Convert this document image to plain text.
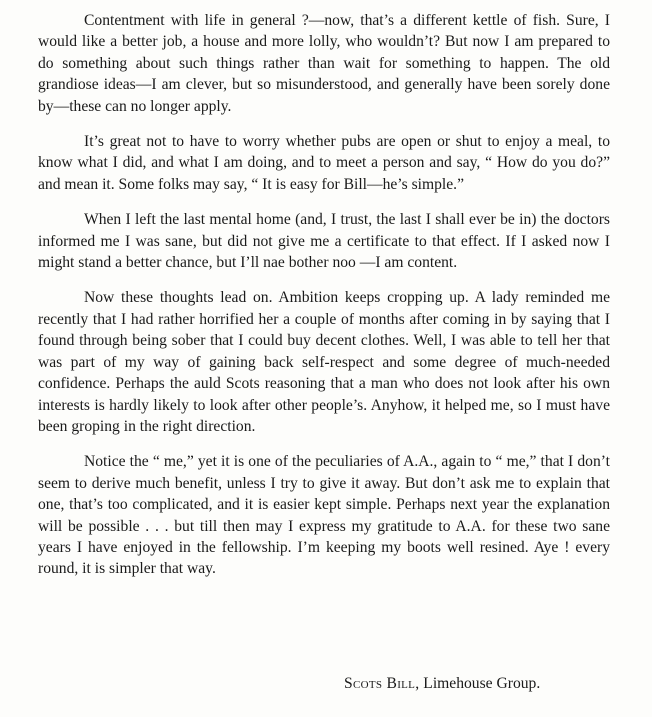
Contentment with life in general ?—now, that’s a different kettle of fish. Sure, I would like a better job, a house and more lolly, who wouldn’t? But now I am prepared to do something about such things rather than wait for something to happen. The old grandiose ideas—I am clever, but so misunderstood, and generally have been sorely done by—these can no longer apply.

It’s great not to have to worry whether pubs are open or shut to enjoy a meal, to know what I did, and what I am doing, and to meet a person and say, “ How do you do?” and mean it. Some folks may say, “ It is easy for Bill—he’s simple.”

When I left the last mental home (and, I trust, the last I shall ever be in) the doctors informed me I was sane, but did not give me a certificate to that effect. If I asked now I might stand a better chance, but I’ll nae bother noo —I am content.

Now these thoughts lead on. Ambition keeps cropping up. A lady reminded me recently that I had rather horrified her a couple of months after coming in by saying that I found through being sober that I could buy decent clothes. Well, I was able to tell her that was part of my way of gaining back self-respect and some degree of much-needed confidence. Perhaps the auld Scots reasoning that a man who does not look after his own interests is hardly likely to look after other people’s. Anyhow, it helped me, so I must have been groping in the right direction.

Notice the “ me,” yet it is one of the peculiaries of A.A., again to “ me,” that I don’t seem to derive much benefit, unless I try to give it away. But don’t ask me to explain that one, that’s too complicated, and it is easier kept simple. Perhaps next year the explanation will be possible . . . but till then may I express my gratitude to A.A. for these two sane years I have enjoyed in the fellowship. I’m keeping my boots well resined. Aye ! every round, it is simpler that way.

Scots Bill, Limehouse Group.
